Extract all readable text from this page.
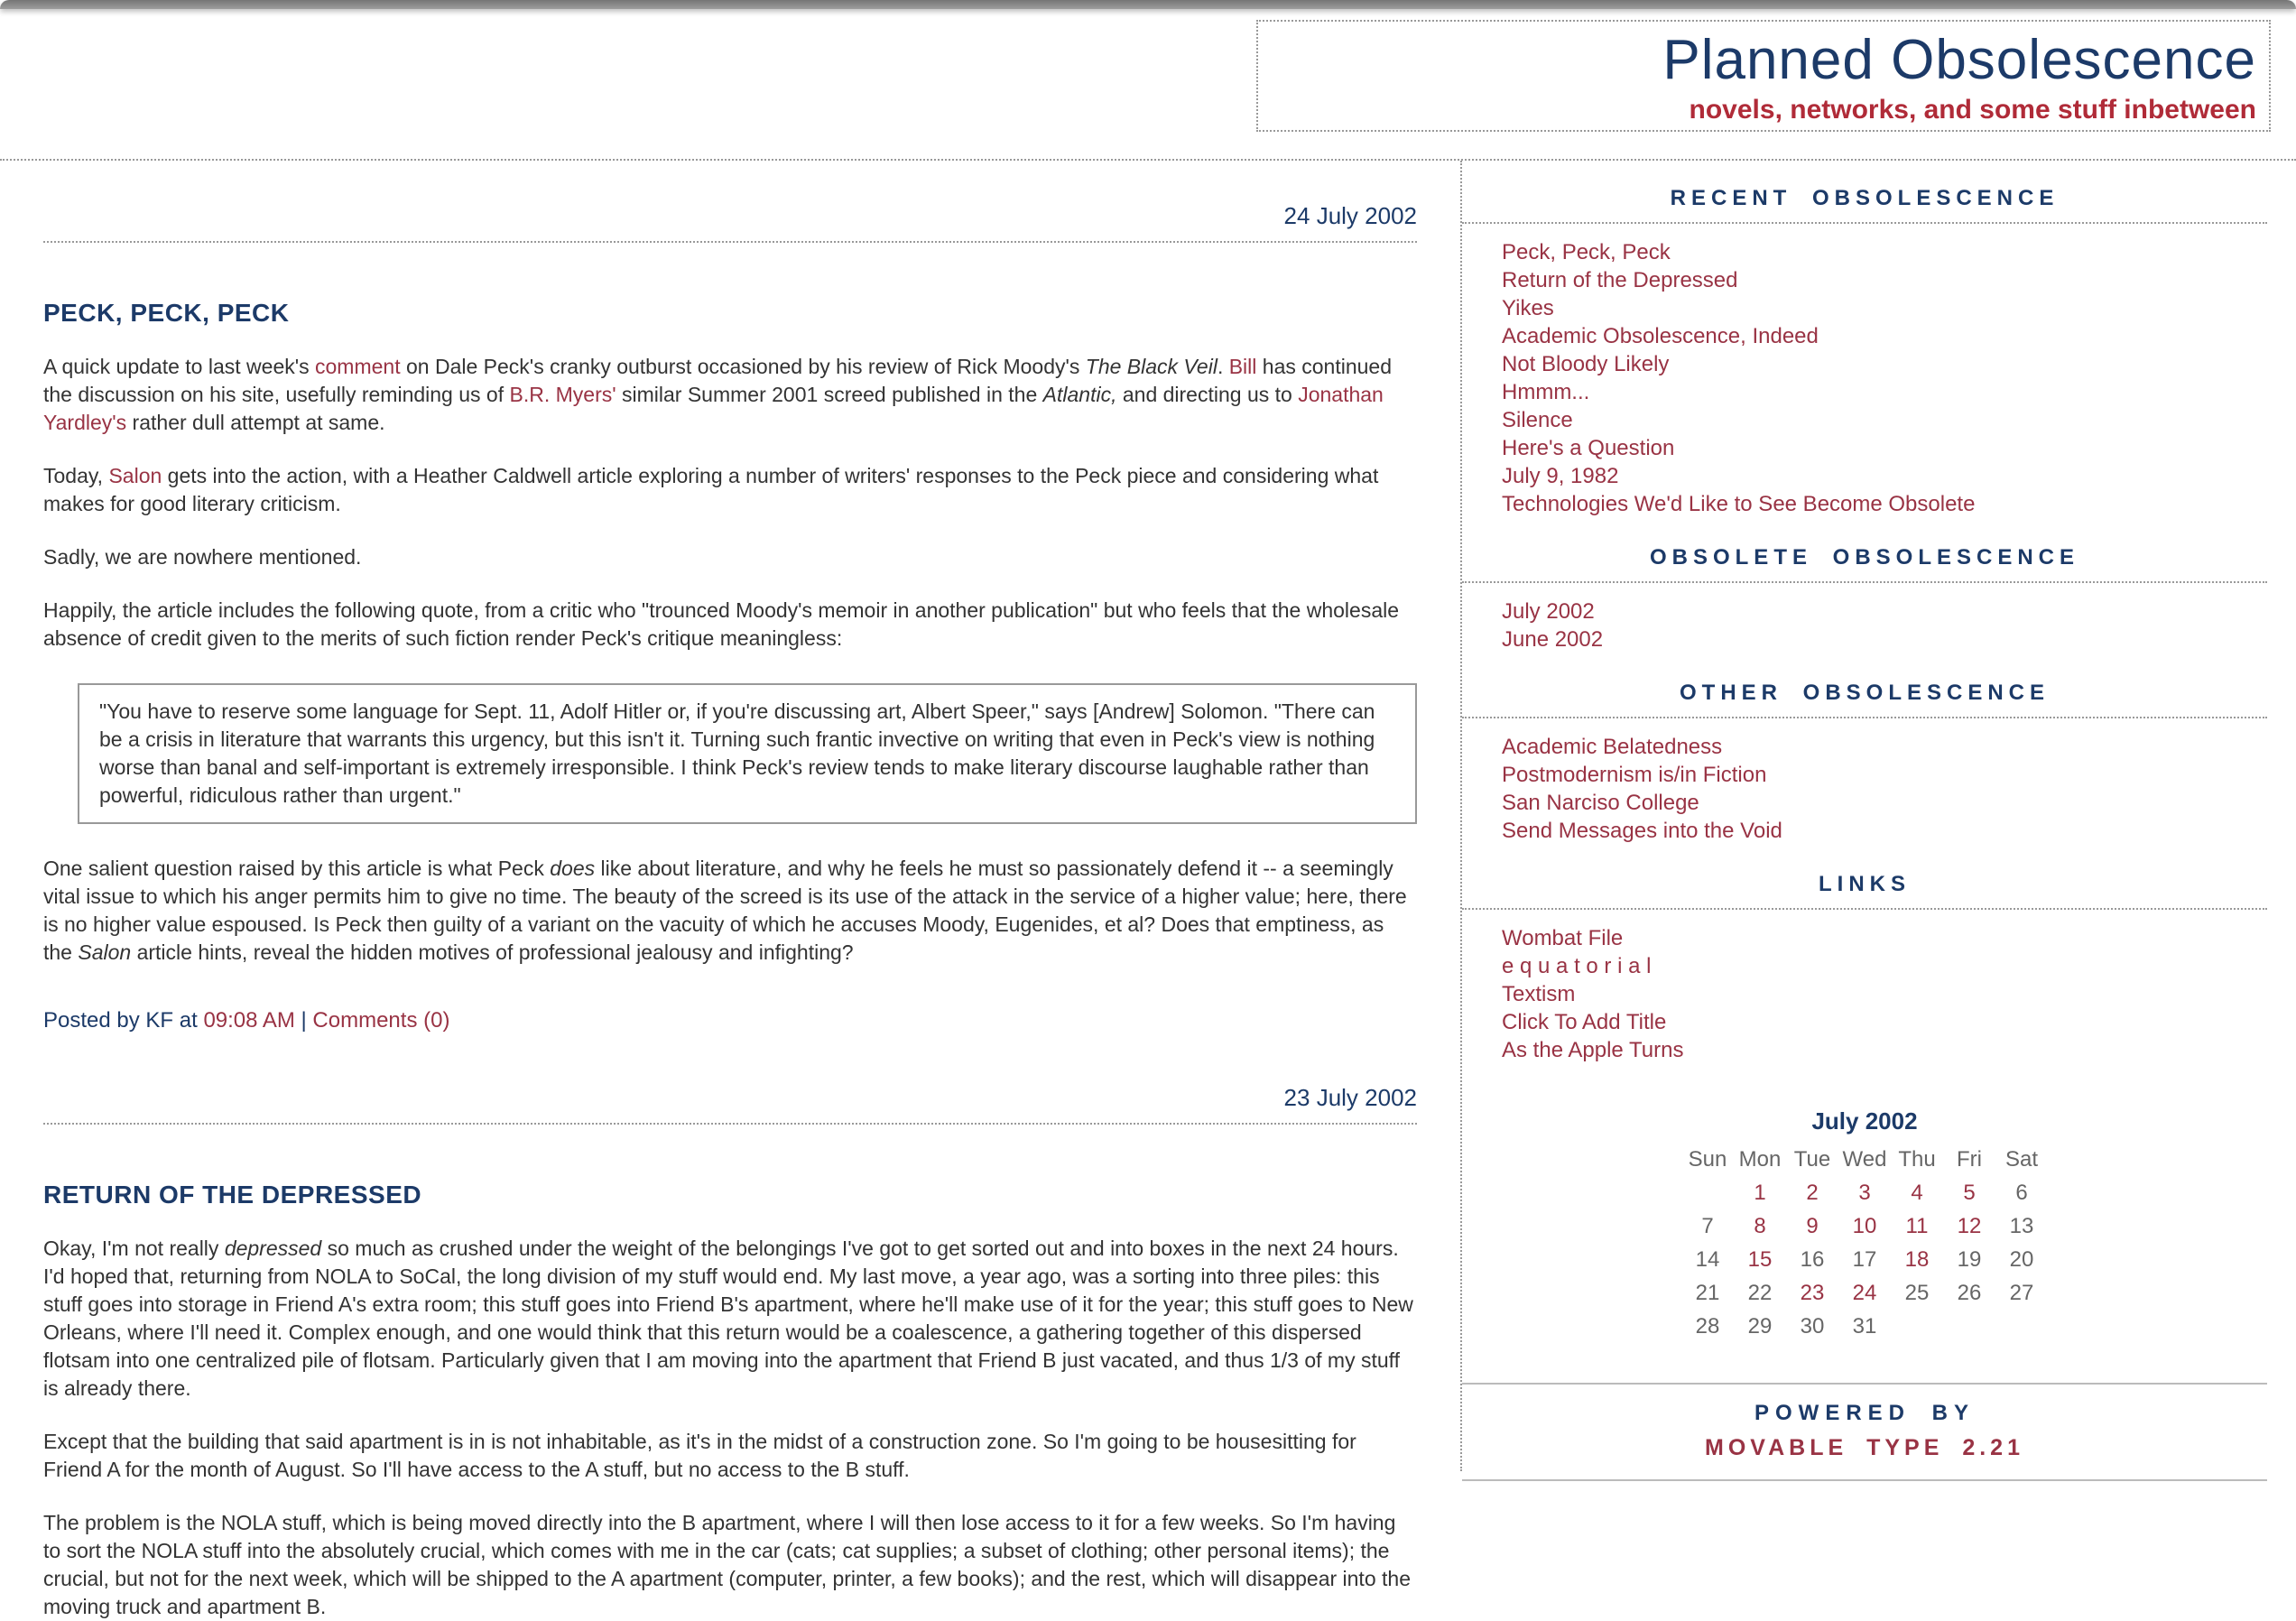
Planned Obsolescence
novels, networks, and some stuff inbetween
24 July 2002
PECK, PECK, PECK

A quick update to last week's comment on Dale Peck's cranky outburst occasioned by his review of Rick Moody's The Black Veil. Bill has continued the discussion on his site, usefully reminding us of B.R. Myers' similar Summer 2001 screed published in the Atlantic, and directing us to Jonathan Yardley's rather dull attempt at same.

Today, Salon gets into the action, with a Heather Caldwell article exploring a number of writers' responses to the Peck piece and considering what makes for good literary criticism.

Sadly, we are nowhere mentioned.

Happily, the article includes the following quote, from a critic who "trounced Moody's memoir in another publication" but who feels that the wholesale absence of credit given to the merits of such fiction render Peck's critique meaningless:

"You have to reserve some language for Sept. 11, Adolf Hitler or, if you're discussing art, Albert Speer," says [Andrew] Solomon. "There can be a crisis in literature that warrants this urgency, but this isn't it. Turning such frantic invective on writing that even in Peck's view is nothing worse than banal and self-important is extremely irresponsible. I think Peck's review tends to make literary discourse laughable rather than powerful, ridiculous rather than urgent."

One salient question raised by this article is what Peck does like about literature, and why he feels he must so passionately defend it -- a seemingly vital issue to which his anger permits him to give no time. The beauty of the screed is its use of the attack in the service of a higher value; here, there is no higher value espoused. Is Peck then guilty of a variant on the vacuity of which he accuses Moody, Eugenides, et al? Does that emptiness, as the Salon article hints, reveal the hidden motives of professional jealousy and infighting?

Posted by KF at 09:08 AM | Comments (0)
23 July 2002
RETURN OF THE DEPRESSED

Okay, I'm not really depressed so much as crushed under the weight of the belongings I've got to get sorted out and into boxes in the next 24 hours. I'd hoped that, returning from NOLA to SoCal, the long division of my stuff would end. My last move, a year ago, was a sorting into three piles: this stuff goes into storage in Friend A's extra room; this stuff goes into Friend B's apartment, where he'll make use of it for the year; this stuff goes to New Orleans, where I'll need it. Complex enough, and one would think that this return would be a coalescence, a gathering together of this dispersed flotsam into one centralized pile of flotsam. Particularly given that I am moving into the apartment that Friend B just vacated, and thus 1/3 of my stuff is already there.

Except that the building that said apartment is in is not inhabitable, as it's in the midst of a construction zone. So I'm going to be housesitting for Friend A for the month of August. So I'll have access to the A stuff, but no access to the B stuff.

The problem is the NOLA stuff, which is being moved directly into the B apartment, where I will then lose access to it for a few weeks. So I'm having to sort the NOLA stuff into the absolutely crucial, which comes with me in the car (cats; cat supplies; a subset of clothing; other personal items); the crucial, but not for the next week, which will be shipped to the A apartment (computer, printer, a few books); and the rest, which will disappear into the moving truck and apartment B.

RECENT OBSOLESCENCE
Peck, Peck, Peck
Return of the Depressed
Yikes
Academic Obsolescence, Indeed
Not Bloody Likely
Hmmm...
Silence
Here's a Question
July 9, 1982
Technologies We'd Like to See Become Obsolete
OBSOLETE OBSOLESCENCE
July 2002
June 2002
OTHER OBSOLESCENCE
Academic Belatedness
Postmodernism is/in Fiction
San Narciso College
Send Messages into the Void
LINKS
Wombat File
e q u a t o r i a l
Textism
Click To Add Title
As the Apple Turns
July 2002
Sun	Mon	Tue	Wed	Thu	Fri	Sat
	1	2	3	4	5	6
7	8	9	10	11	12	13
14	15	16	17	18	19	20
21	22	23	24	25	26	27
28	29	30	31			
POWERED BY
MOVABLE TYPE 2.21
